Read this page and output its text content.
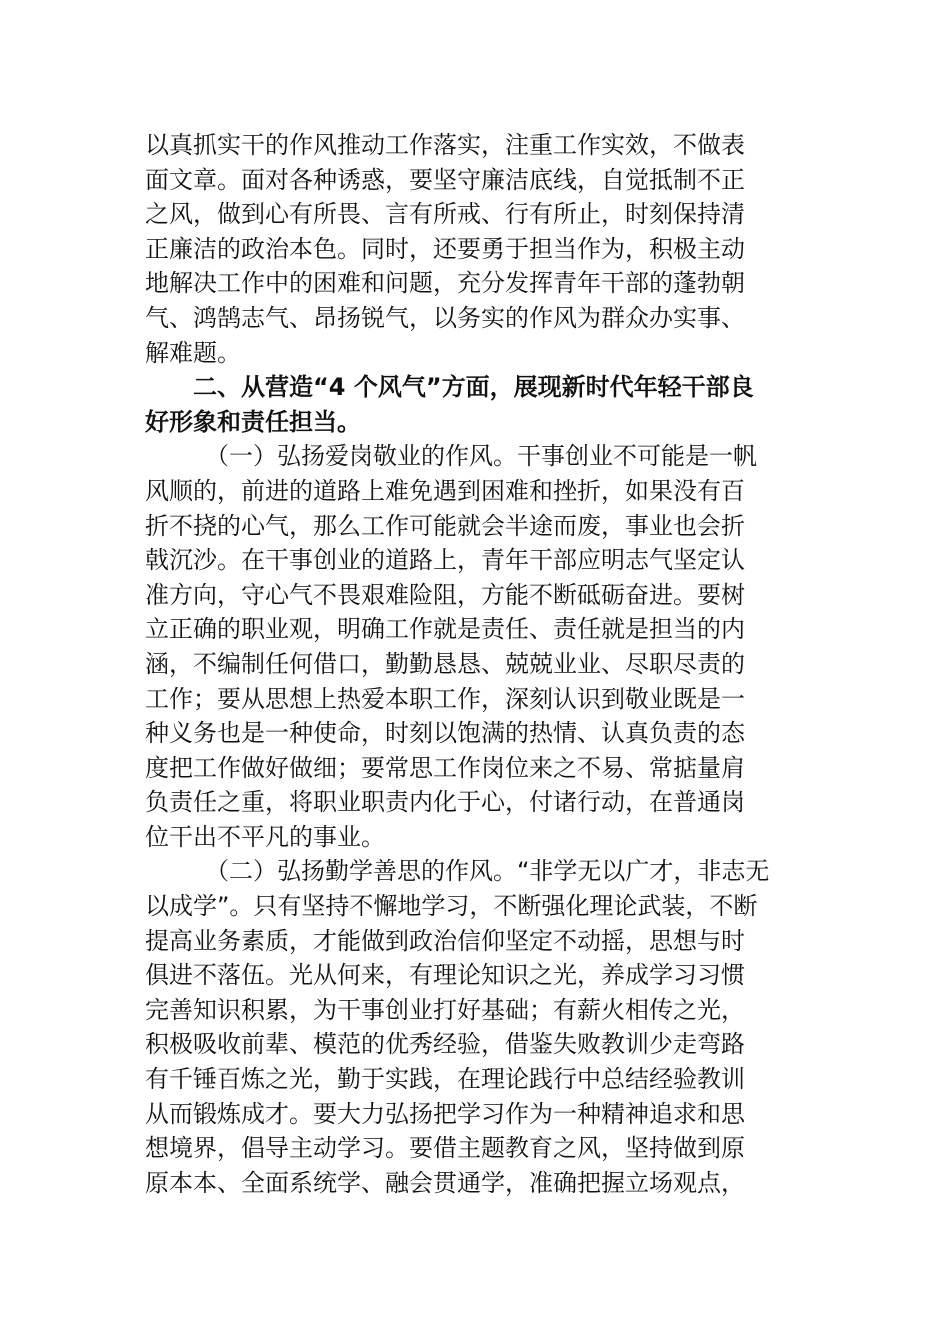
以真抓实干的作风推动工作落实，注重工作实效，不做表
面文章。面对各种诱惑，要坚守廉洁底线，自觉抵制不正
之风，做到心有所畏、言有所戒、行有所止，时刻保持清
正廉洁的政治本色。同时，还要勇于担当作为，积极主动
地解决工作中的困难和问题，充分发挥青年干部的蓬勃朝
气、鸿鹄志气、昂扬锐气，以务实的作风为群众办实事、
解难题。
二、从营造“4 个风气”方面，展现新时代年轻干部良
好形象和责任担当。
（一）弘扬爱岗敬业的作风。干事创业不可能是一帆
风顺的，前进的道路上难免遇到困难和挫折，如果没有百
折不挠的心气，那么工作可能就会半途而废，事业也会折
戟沉沙。在干事创业的道路上，青年干部应明志气坚定认
准方向，守心气不畏艰难险阻，方能不断砥砺奋进。要树
立正确的职业观，明确工作就是责任、责任就是担当的内
涵，不编制任何借口，勤勤恳恳、兢兢业业、尽职尽责的
工作；要从思想上热爱本职工作，深刻认识到敬业既是一
种义务也是一种使命，时刻以饱满的热情、认真负责的态
度把工作做好做细；要常思工作岗位来之不易、常掂量肩
负责任之重，将职业职责内化于心，付诸行动，在普通岗
位干出不平凡的事业。
（二）弘扬勤学善思的作风。“非学无以广才，非志无
以成学”。只有坚持不懈地学习，不断强化理论武装，不断
提高业务素质，才能做到政治信仰坚定不动摇，思想与时
俱进不落伍。光从何来，有理论知识之光，养成学习习惯
完善知识积累，为干事创业打好基础；有薪火相传之光，
积极吸收前辈、模范的优秀经验，借鉴失败教训少走弯路
有千锤百炼之光，勤于实践，在理论践行中总结经验教训
从而锻炼成才。要大力弘扬把学习作为一种精神追求和思
想境界，倡导主动学习。要借主题教育之风，坚持做到原
原本本、全面系统学、融会贯通学，准确把握立场观点，
